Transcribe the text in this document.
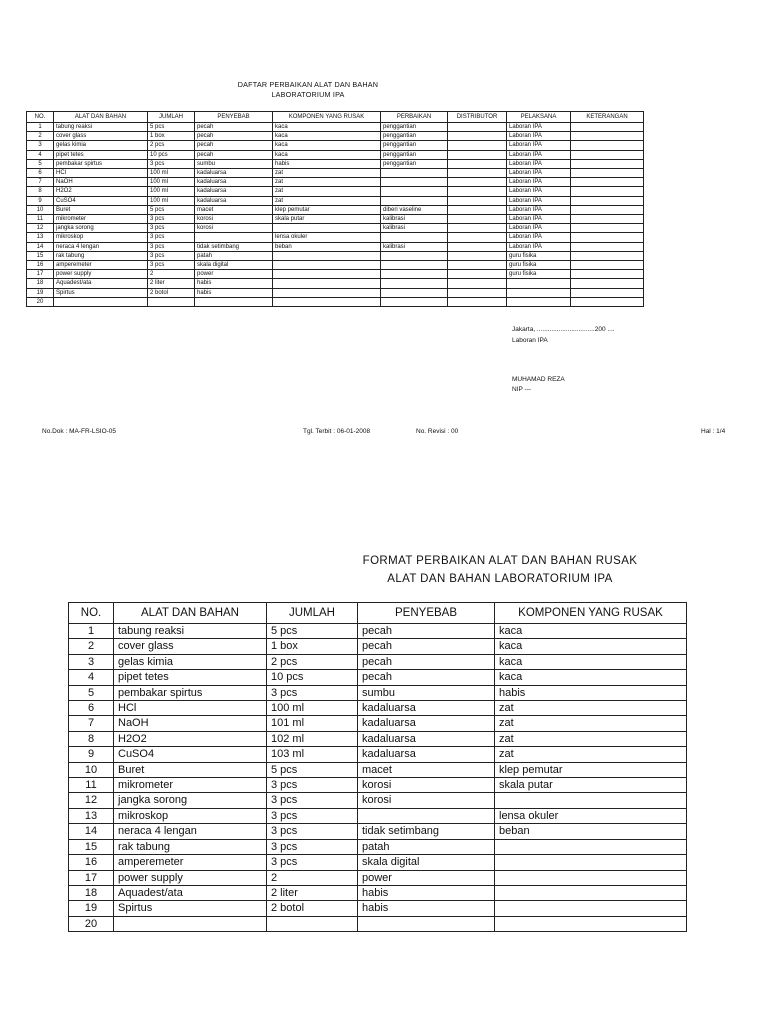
DAFTAR PERBAIKAN ALAT DAN BAHAN
LABORATORIUM IPA
NO.	ALAT DAN BAHAN	JUMLAH	PENYEBAB	KOMPONEN YANG RUSAK	PERBAIKAN	DISTRIBUTOR	PELAKSANA	KETERANGAN
1	tabung reaksi	5 pcs	pecah	kaca	penggantian		Laboran IPA	
2	cover glass	1 box	pecah	kaca	penggantian		Laboran IPA	
3	gelas kimia	2 pcs	pecah	kaca	penggantian		Laboran IPA	
4	pipet tetes	10 pcs	pecah	kaca	penggantian		Laboran IPA	
5	pembakar spirtus	3 pcs	sumbu	habis	penggantian		Laboran IPA	
6	HCl	100 ml	kadaluarsa	zat			Laboran IPA	
7	NaOH	100 ml	kadaluarsa	zat			Laboran IPA	
8	H2O2	100 ml	kadaluarsa	zat			Laboran IPA	
9	CuSO4	100 ml	kadaluarsa	zat			Laboran IPA	
10	Buret	5 pcs	macet	klep pemutar	diberi vaseline		Laboran IPA	
11	mikrometer	3 pcs	korosi	skala putar	kalibrasi		Laboran IPA	
12	jangka sorong	3 pcs	korosi		kalibrasi		Laboran IPA	
13	mikroskop	3 pcs		lensa okuler			Laboran IPA	
14	neraca 4 lengan	3 pcs	tidak setimbang	beban	kalibrasi		Laboran IPA	
15	rak tabung	3 pcs	patah				guru fisika	
16	amperemeter	3 pcs	skala digital				guru fisika	
17	power supply	2	power				guru fisika	
18	Aquadest/ata	2 liter	habis					
19	Spirtus	2 botol	habis					
20								
Jakarta, ................................200 ....
Laboran IPA
MUHAMAD REZA
NIP ---
No.Dok : MA-FR-LSIO-05	Tgl. Terbit : 06-01-2008	No. Revisi : 00	Hal : 1/4
FORMAT PERBAIKAN ALAT DAN BAHAN RUSAK
ALAT DAN BAHAN LABORATORIUM IPA
NO.	ALAT DAN BAHAN	JUMLAH	PENYEBAB	KOMPONEN YANG RUSAK
1	tabung reaksi	5 pcs	pecah	kaca
2	cover glass	1 box	pecah	kaca
3	gelas kimia	2 pcs	pecah	kaca
4	pipet tetes	10 pcs	pecah	kaca
5	pembakar spirtus	3 pcs	sumbu	habis
6	HCl	100 ml	kadaluarsa	zat
7	NaOH	101 ml	kadaluarsa	zat
8	H2O2	102 ml	kadaluarsa	zat
9	CuSO4	103 ml	kadaluarsa	zat
10	Buret	5 pcs	macet	klep pemutar
11	mikrometer	3 pcs	korosi	skala putar
12	jangka sorong	3 pcs	korosi	
13	mikroskop	3 pcs		lensa okuler
14	neraca 4 lengan	3 pcs	tidak setimbang	beban
15	rak tabung	3 pcs	patah	
16	amperemeter	3 pcs	skala digital	
17	power supply	2	power	
18	Aquadest/ata	2 liter	habis	
19	Spirtus	2 botol	habis	
20				
